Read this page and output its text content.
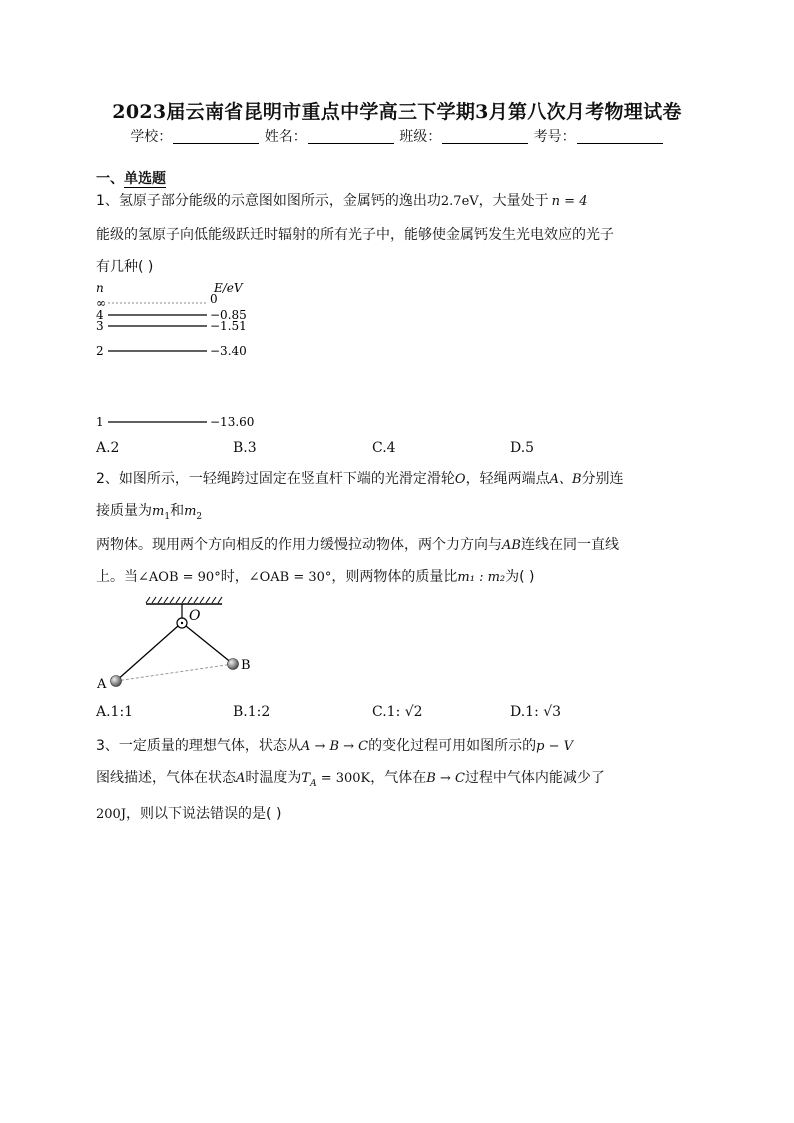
2023届云南省昆明市重点中学高三下学期3月第八次月考物理试卷
学校：	姓名：	班级：	考号：
一、单选题
1、氢原子部分能级的示意图如图所示，金属钙的逸出功2.7eV，大量处于 n = 4
能级的氢原子向低能级跃迁时辐射的所有光子中，能够使金属钙发生光电效应的光子
有几种( )
n	E/eV
∞	0
4	−0.85
3	−1.51
2	−3.40
1	−13.60
A.2	B.3	C.4	D.5
2、如图所示，一轻绳跨过固定在竖直杆下端的光滑定滑轮O，轻绳两端点A、B分别连
接质量为$m_1$和$m_2$
两物体。现用两个方向相反的作用力缓慢拉动物体，两个力方向与AB连线在同一直线
上。当∠AOB = 90°时，∠OAB = 30°，则两物体的质量比m₁ : m₂为( )
O
A
B
A.1:1	B.1:2	C.1: √2	D.1: √3
3、一定质量的理想气体，状态从A → B → C的变化过程可用如图所示的p − V
图线描述，气体在状态A时温度为$T_A = 300K$，气体在B → C过程中气体内能减少了
200J，则以下说法错误的是( )
